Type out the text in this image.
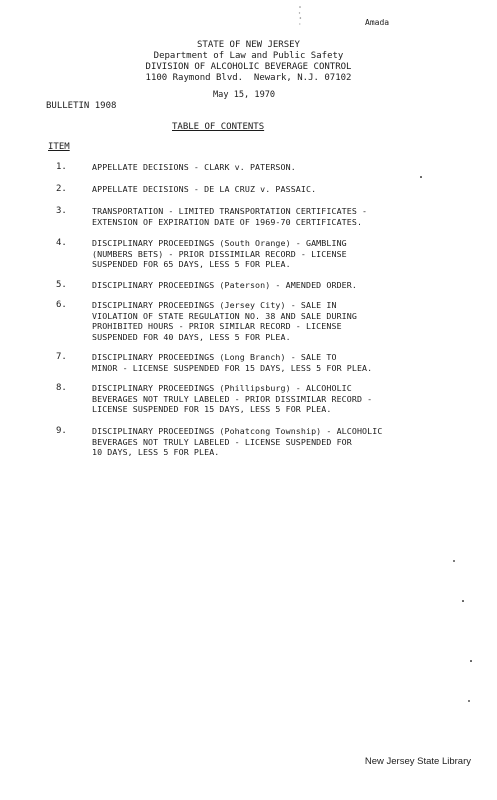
Amada
STATE OF NEW JERSEY
Department of Law and Public Safety
DIVISION OF ALCOHOLIC BEVERAGE CONTROL
1100 Raymond Blvd.  Newark, N.J. 07102
May 15, 1970
BULLETIN 1908
TABLE OF CONTENTS
ITEM
1.	APPELLATE DECISIONS - CLARK v. PATERSON.
2.	APPELLATE DECISIONS - DE LA CRUZ v. PASSAIC.
3.	TRANSPORTATION - LIMITED TRANSPORTATION CERTIFICATES -
EXTENSION OF EXPIRATION DATE OF 1969-70 CERTIFICATES.
4.	DISCIPLINARY PROCEEDINGS (South Orange) - GAMBLING
(NUMBERS BETS) - PRIOR DISSIMILAR RECORD - LICENSE
SUSPENDED FOR 65 DAYS, LESS 5 FOR PLEA.
5.	DISCIPLINARY PROCEEDINGS (Paterson) - AMENDED ORDER.
6.	DISCIPLINARY PROCEEDINGS (Jersey City) - SALE IN
VIOLATION OF STATE REGULATION NO. 38 AND SALE DURING
PROHIBITED HOURS - PRIOR SIMILAR RECORD - LICENSE
SUSPENDED FOR 40 DAYS, LESS 5 FOR PLEA.
7.	DISCIPLINARY PROCEEDINGS (Long Branch) - SALE TO
MINOR - LICENSE SUSPENDED FOR 15 DAYS, LESS 5 FOR PLEA.
8.	DISCIPLINARY PROCEEDINGS (Phillipsburg) - ALCOHOLIC
BEVERAGES NOT TRULY LABELED - PRIOR DISSIMILAR RECORD -
LICENSE SUSPENDED FOR 15 DAYS, LESS 5 FOR PLEA.
9.	DISCIPLINARY PROCEEDINGS (Pohatcong Township) - ALCOHOLIC
BEVERAGES NOT TRULY LABELED - LICENSE SUSPENDED FOR
10 DAYS, LESS 5 FOR PLEA.
New Jersey State Library
